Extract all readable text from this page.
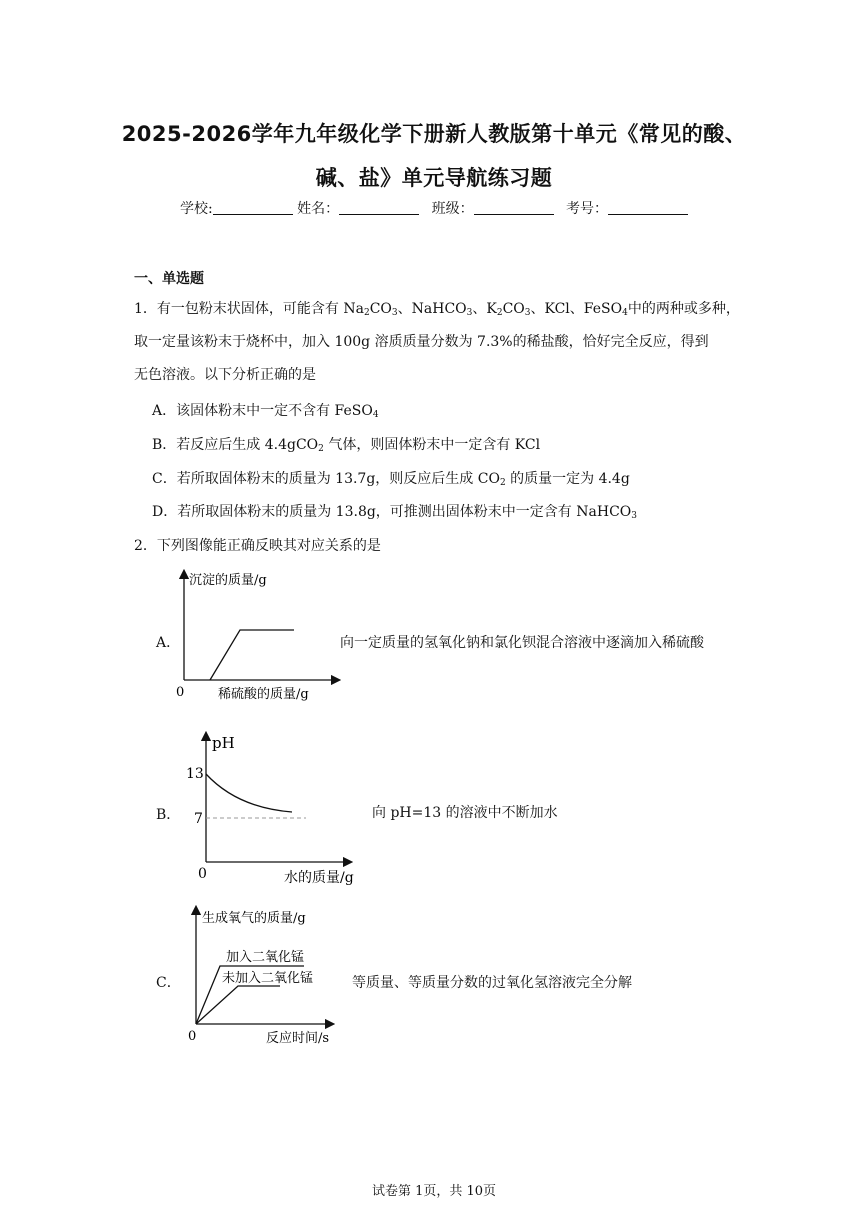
2025-2026学年九年级化学下册新人教版第十单元《常见的酸、
碱、盐》单元导航练习题
学校:	姓名：	班级：	考号：
一、单选题
1．有一包粉末状固体，可能含有 $Na_2CO_3$、NaHCO$_3$、$K_2CO_3$、KCl、FeSO$_4$中的两种或多种，
取一定量该粉末于烧杯中，加入 100g 溶质质量分数为 7.3%的稀盐酸，恰好完全反应，得到
无色溶液。以下分析正确的是
A．该固体粉末中一定不含有 FeSO$_4$
B．若反应后生成 4.4gCO$_2$ 气体，则固体粉末中一定含有 KCl
C．若所取固体粉末的质量为 13.7g，则反应后生成 $CO_2$ 的质量一定为 4.4g
D．若所取固体粉末的质量为 13.8g，可推测出固体粉末中一定含有 NaHCO$_3$
2．下列图像能正确反映其对应关系的是
A．
沉淀的质量/g
稀硫酸的质量/g
0
向一定质量的氢氧化钠和氯化钡混合溶液中逐滴加入稀硫酸
B．
pH
13
7
0	水的质量/g
向 pH=13 的溶液中不断加水
C．
生成氧气的质量/g
加入二氧化锰
未加入二氧化锰
0	反应时间/s
等质量、等质量分数的过氧化氢溶液完全分解
试卷第 1页，共 10页
